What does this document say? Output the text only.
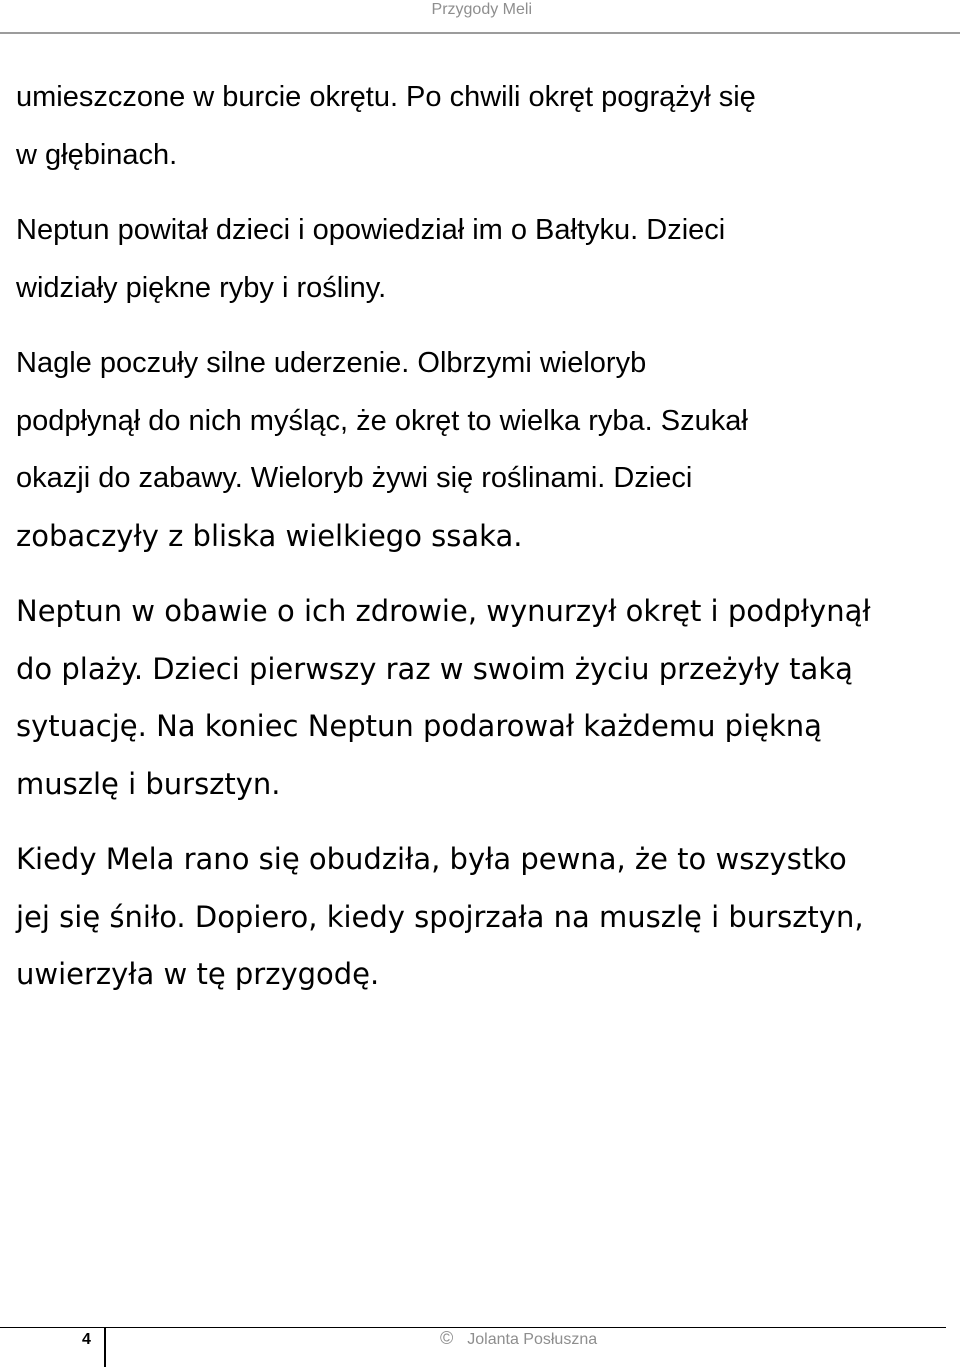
Przygody Meli

umieszczone w burcie okrętu. Po chwili okręt pogrążył się

w głębinach.

Neptun powitał dzieci i opowiedział im o Bałtyku. Dzieci

widziały piękne ryby i rośliny.

Nagle poczuły silne uderzenie. Olbrzymi wieloryb

podpłynął do nich myśląc, że okręt to wielka ryba. Szukał

okazji do zabawy. Wieloryb żywi się roślinami. Dzieci

zobaczyły z bliska wielkiego ssaka.

Neptun w obawie o ich zdrowie, wynurzył okręt i podpłynął

do plaży. Dzieci pierwszy raz w swoim życiu przeżyły taką

sytuację. Na koniec Neptun podarował każdemu piękną

muszlę i bursztyn.

Kiedy Mela rano się obudziła, była pewna, że to wszystko

jej się śniło. Dopiero, kiedy spojrzała na muszlę i bursztyn,

uwierzyła w tę przygodę.

4	© Jolanta Posłuszna
